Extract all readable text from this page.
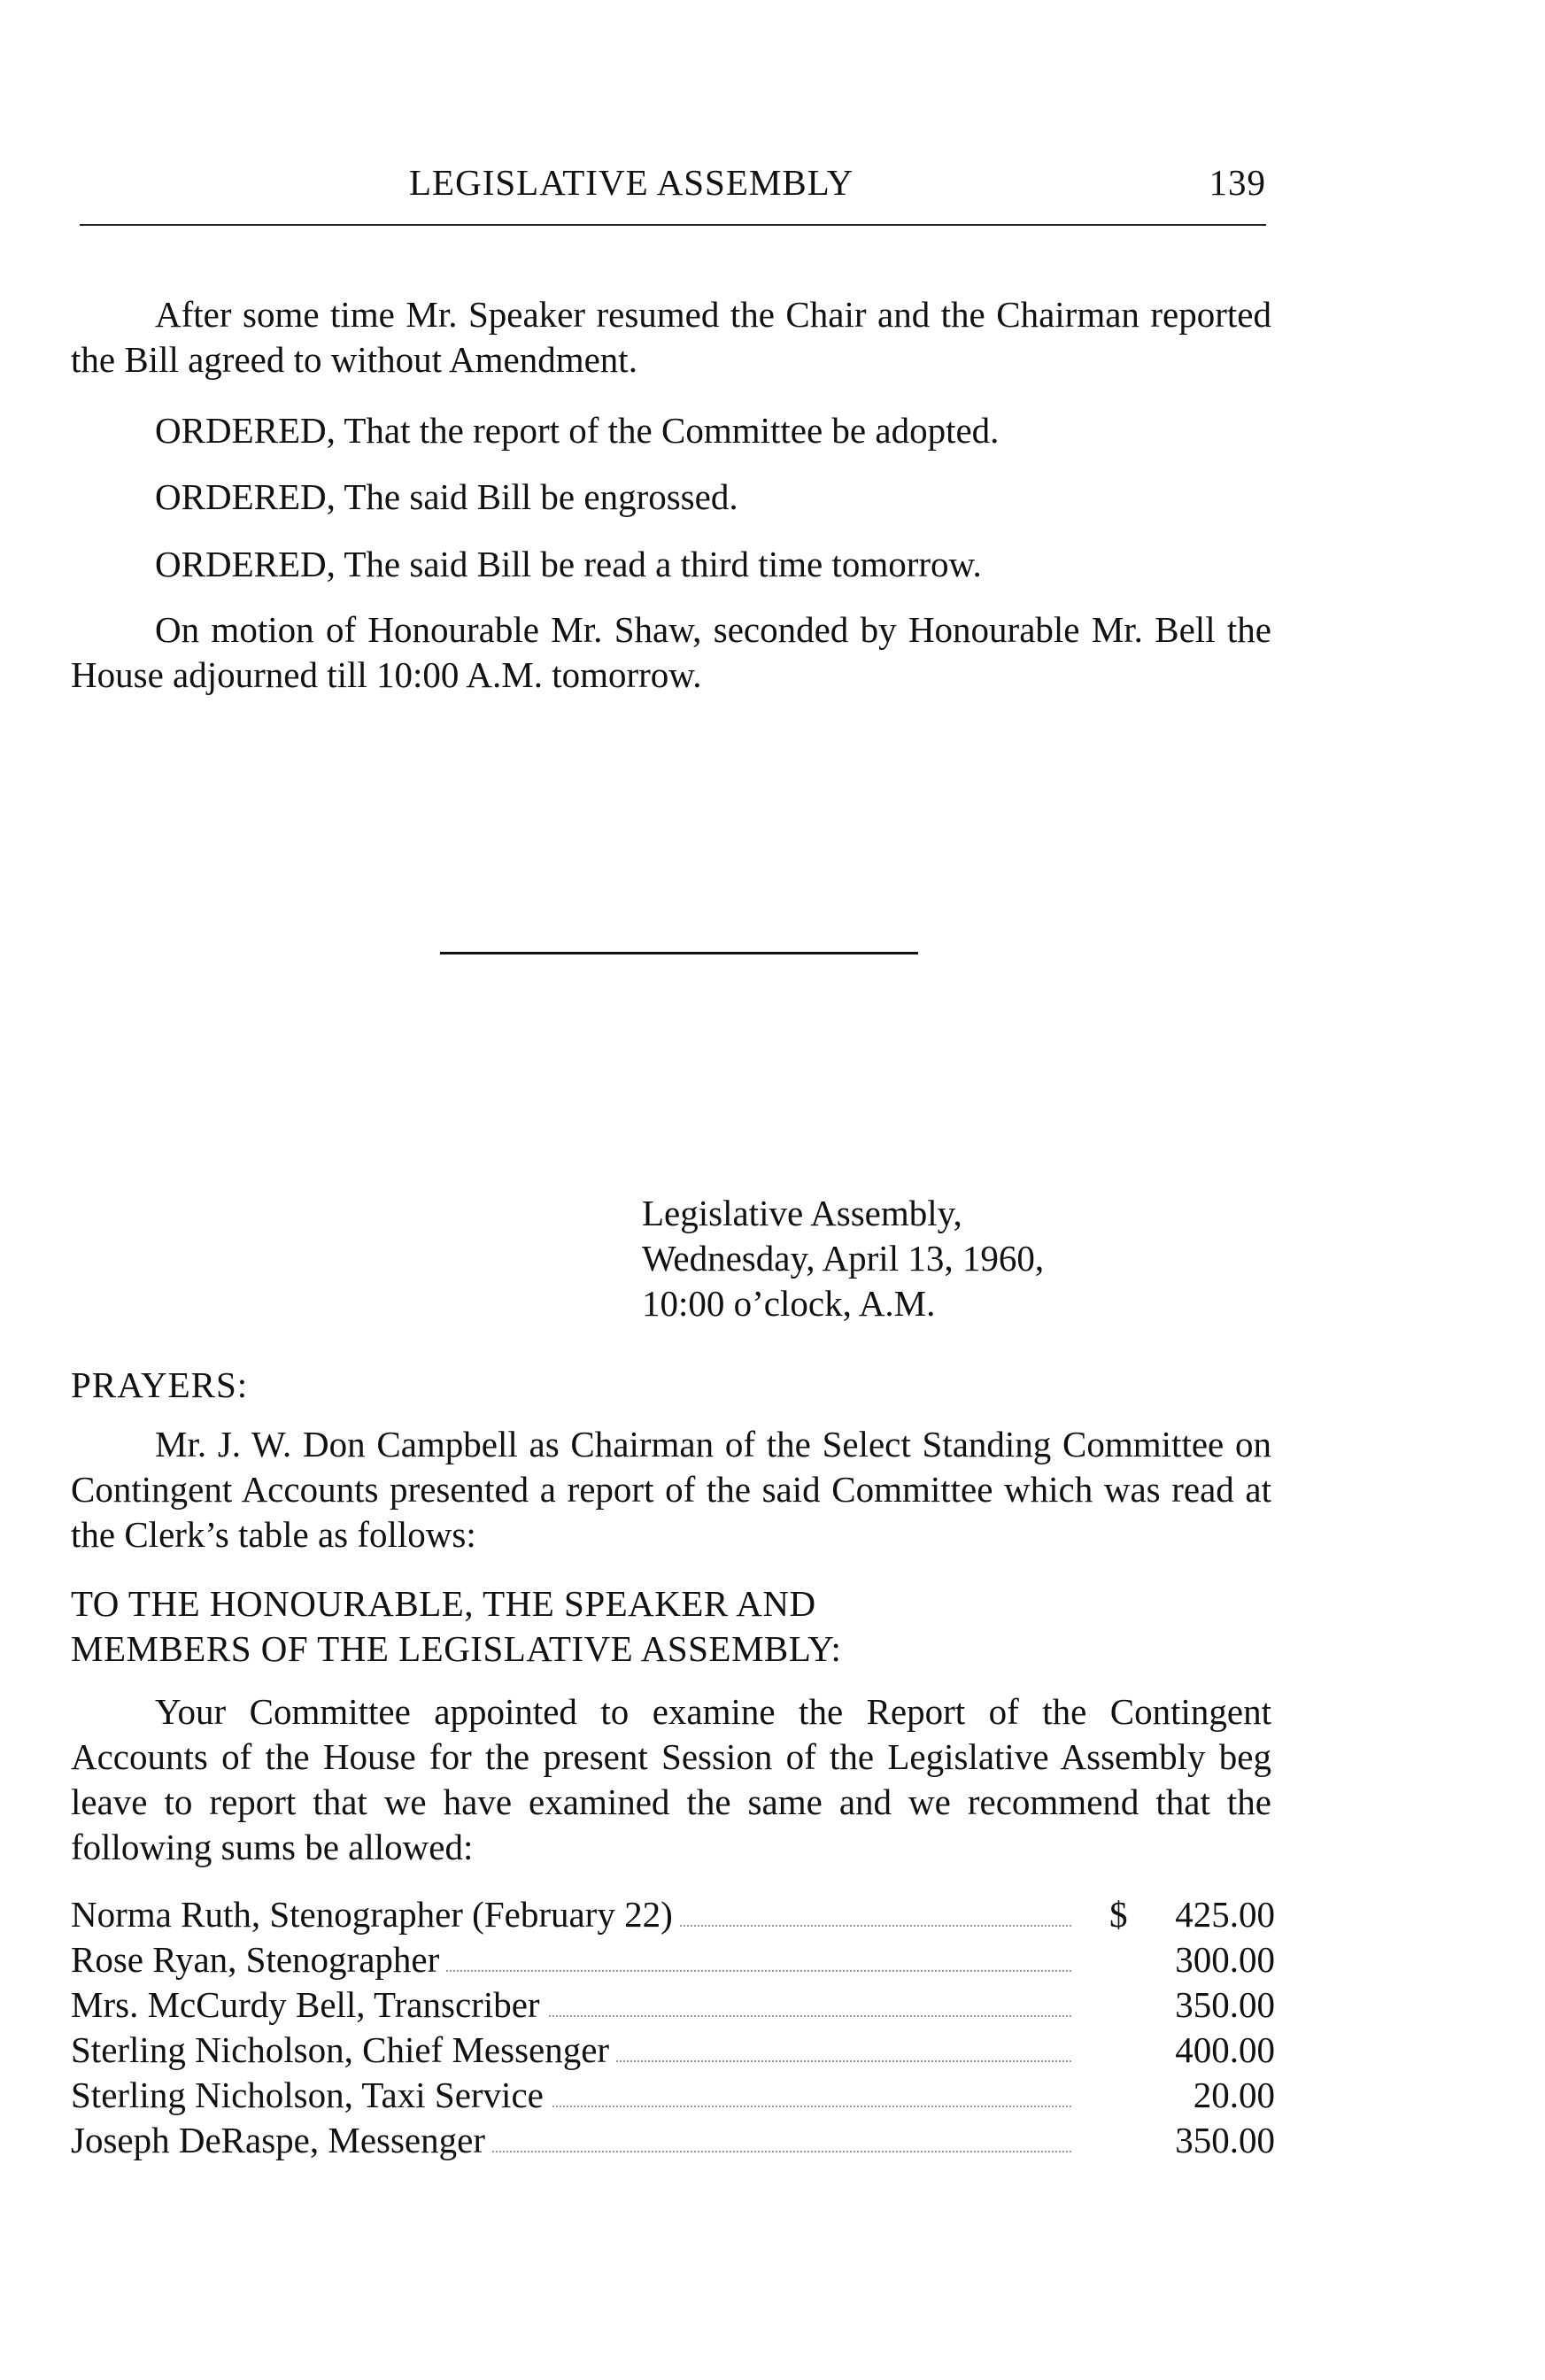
LEGISLATIVE ASSEMBLY	139
After some time Mr. Speaker resumed the Chair and the Chairman reported the Bill agreed to without Amendment.
ORDERED, That the report of the Committee be adopted.
ORDERED, The said Bill be engrossed.
ORDERED, The said Bill be read a third time tomorrow.
On motion of Honourable Mr. Shaw, seconded by Honourable Mr. Bell the House adjourned till 10:00 A.M. tomorrow.
Legislative Assembly,
Wednesday, April 13, 1960,
10:00 o’clock, A.M.
PRAYERS:
Mr. J. W. Don Campbell as Chairman of the Select Standing Committee on Contingent Accounts presented a report of the said Committee which was read at the Clerk’s table as follows:
TO THE HONOURABLE, THE SPEAKER AND
MEMBERS OF THE LEGISLATIVE ASSEMBLY:
Your Committee appointed to examine the Report of the Contingent Accounts of the House for the present Session of the Legislative Assembly beg leave to report that we have examined the same and we recommend that the following sums be allowed:
Norma Ruth, Stenographer (February 22)	$ 425.00
Rose Ryan, Stenographer	300.00
Mrs. McCurdy Bell, Transcriber	350.00
Sterling Nicholson, Chief Messenger	400.00
Sterling Nicholson, Taxi Service	20.00
Joseph DeRaspe, Messenger	350.00
